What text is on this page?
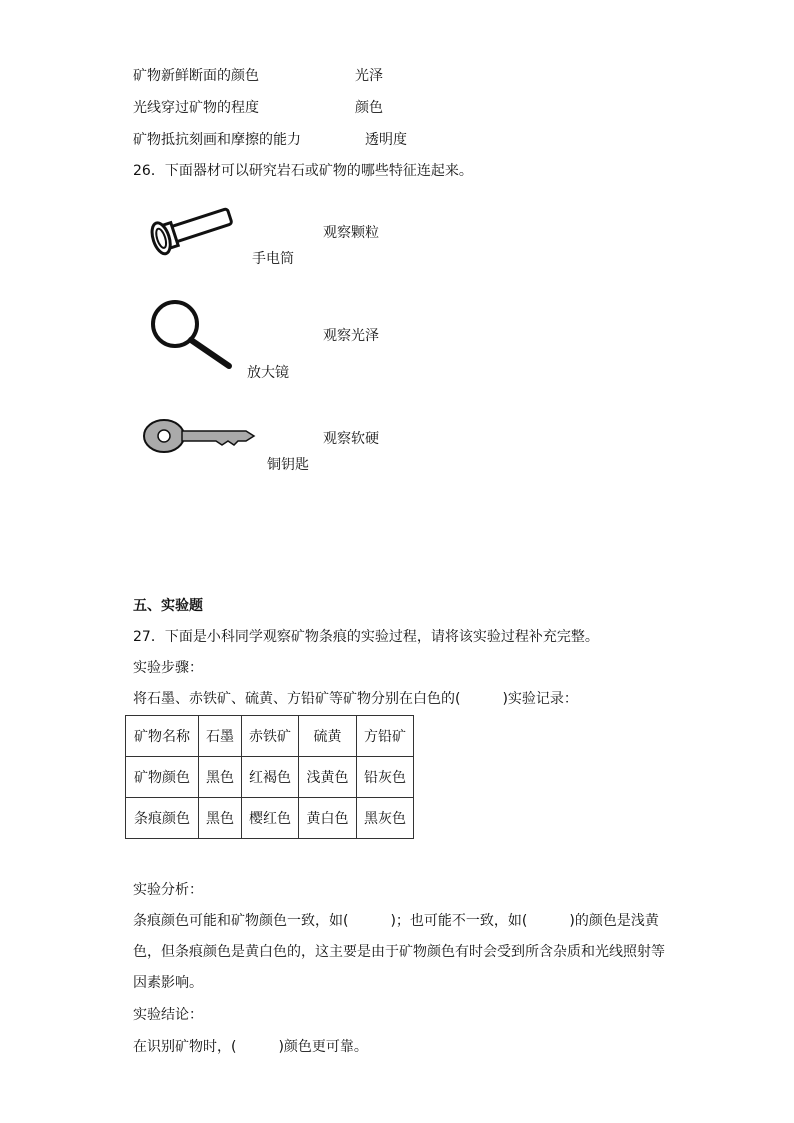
矿物新鲜断面的颜色	光泽
光线穿过矿物的程度	颜色
矿物抵抗刻画和摩擦的能力	透明度
26．下面器材可以研究岩石或矿物的哪些特征连起来。
手电筒
观察颗粒
放大镜
观察光泽
铜钥匙
观察软硬
五、实验题
27．下面是小科同学观察矿物条痕的实验过程，请将该实验过程补充完整。
实验步骤：
将石墨、赤铁矿、硫黄、方铅矿等矿物分别在白色的(　　　)实验记录：
矿物名称	石墨	赤铁矿	硫黄	方铅矿
矿物颜色	黑色	红褐色	浅黄色	铅灰色
条痕颜色	黑色	樱红色	黄白色	黑灰色
实验分析：
条痕颜色可能和矿物颜色一致，如(　　　)；也可能不一致，如(　　　)的颜色是浅黄
色，但条痕颜色是黄白色的，这主要是由于矿物颜色有时会受到所含杂质和光线照射等
因素影响。
实验结论：
在识别矿物时，(　　　)颜色更可靠。
